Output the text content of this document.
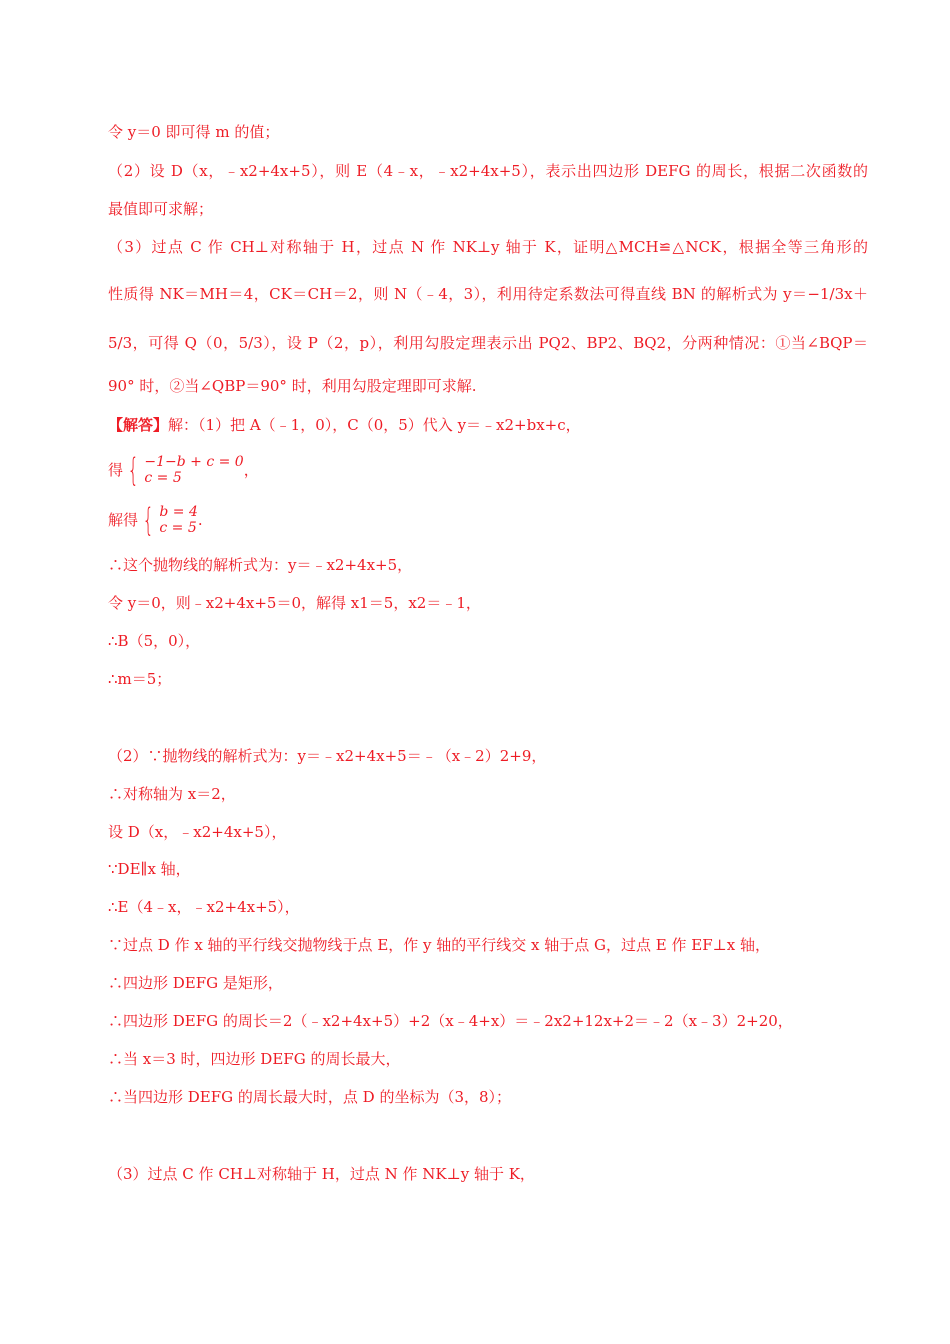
令 y＝0 即可得 m 的值；
（2）设 D（x，﹣x2+4x+5），则 E（4﹣x，﹣x2+4x+5），表示出四边形 DEFG 的周长，根据二次函数的
最值即可求解；
（3）过点 C 作 CH⊥对称轴于 H，过点 N 作 NK⊥y 轴于 K，证明△MCH≌△NCK，根据全等三角形的
性质得 NK＝MH＝4，CK＝CH＝2，则 N（﹣4，3），利用待定系数法可得直线 BN 的解析式为 y＝−1/3x＋
5/3，可得 Q（0，5/3），设 P（2，p），利用勾股定理表示出 PQ2、BP2、BQ2，分两种情况：①当∠BQP＝
90° 时，②当∠QBP＝90° 时，利用勾股定理即可求解.
【解答】解：（1）把 A（﹣1，0），C（0，5）代入 y＝﹣x2+bx+c，
得 { −1−b + c = 0
c = 5	，
解得 { b = 4
c = 5 .
∴这个抛物线的解析式为：y＝﹣x2+4x+5，
令 y＝0，则﹣x2+4x+5＝0，解得 x1＝5，x2＝﹣1，
∴B（5，0），
∴m＝5；
（2）∵抛物线的解析式为：y＝﹣x2+4x+5＝﹣（x﹣2）2+9，
∴对称轴为 x＝2，
设 D（x，﹣x2+4x+5），
∵DE∥x 轴，
∴E（4﹣x，﹣x2+4x+5），
∵过点 D 作 x 轴的平行线交抛物线于点 E，作 y 轴的平行线交 x 轴于点 G，过点 E 作 EF⊥x 轴，
∴四边形 DEFG 是矩形，
∴四边形 DEFG 的周长＝2（﹣x2+4x+5）+2（x﹣4+x）＝﹣2x2+12x+2＝﹣2（x﹣3）2+20，
∴当 x＝3 时，四边形 DEFG 的周长最大，
∴当四边形 DEFG 的周长最大时，点 D 的坐标为（3，8）；
（3）过点 C 作 CH⊥对称轴于 H，过点 N 作 NK⊥y 轴于 K，
